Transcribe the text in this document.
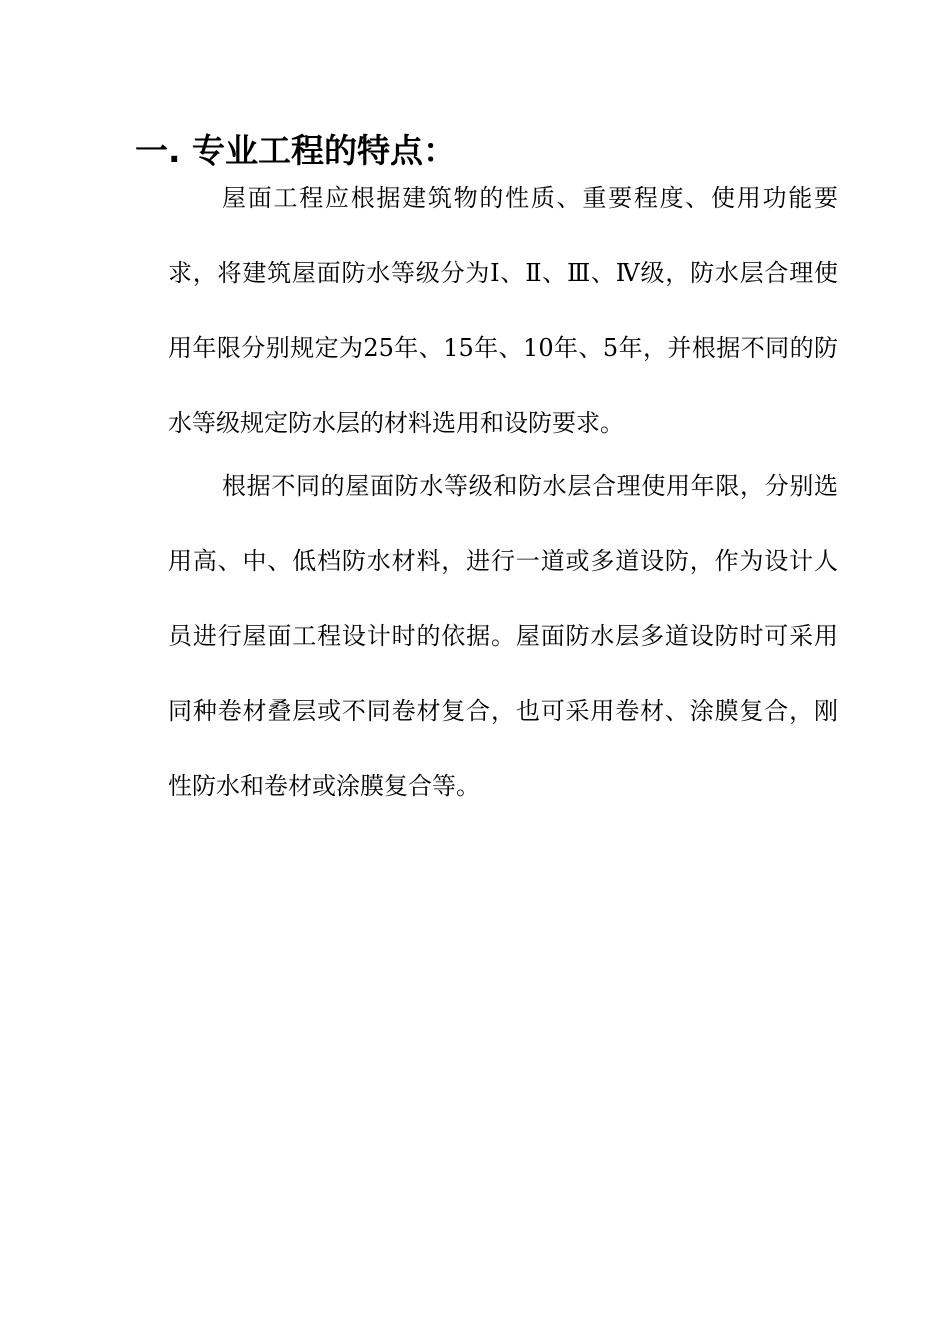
一. 专业工程的特点：

屋面工程应根据建筑物的性质、重要程度、使用功能要求，将建筑屋面防水等级分为Ⅰ、Ⅱ、Ⅲ、Ⅳ级，防水层合理使用年限分别规定为25年、15年、10年、5年，并根据不同的防水等级规定防水层的材料选用和设防要求。

根据不同的屋面防水等级和防水层合理使用年限，分别选用高、中、低档防水材料，进行一道或多道设防，作为设计人员进行屋面工程设计时的依据。屋面防水层多道设防时可采用同种卷材叠层或不同卷材复合，也可采用卷材、涂膜复合，刚性防水和卷材或涂膜复合等。
